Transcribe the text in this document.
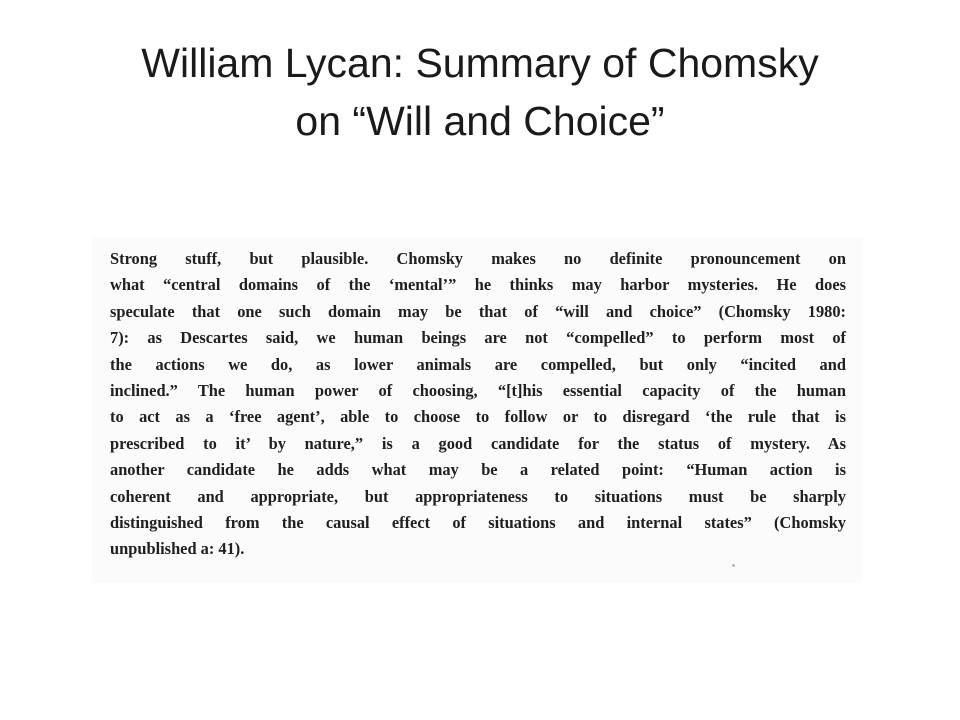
William Lycan: Summary of Chomsky
on “Will and Choice”
Strong stuff, but plausible. Chomsky makes no definite pronouncement on
what “central domains of the ‘mental’” he thinks may harbor mysteries. He does
speculate that one such domain may be that of “will and choice” (Chomsky 1980:
7): as Descartes said, we human beings are not “compelled” to perform most of
the actions we do, as lower animals are compelled, but only “incited and
inclined.” The human power of choosing, “[t]his essential capacity of the human
to act as a ‘free agent’, able to choose to follow or to disregard ‘the rule that is
prescribed to it’ by nature,” is a good candidate for the status of mystery. As
another candidate he adds what may be a related point: “Human action is
coherent and appropriate, but appropriateness to situations must be sharply
distinguished from the causal effect of situations and internal states” (Chomsky
unpublished a: 41).
